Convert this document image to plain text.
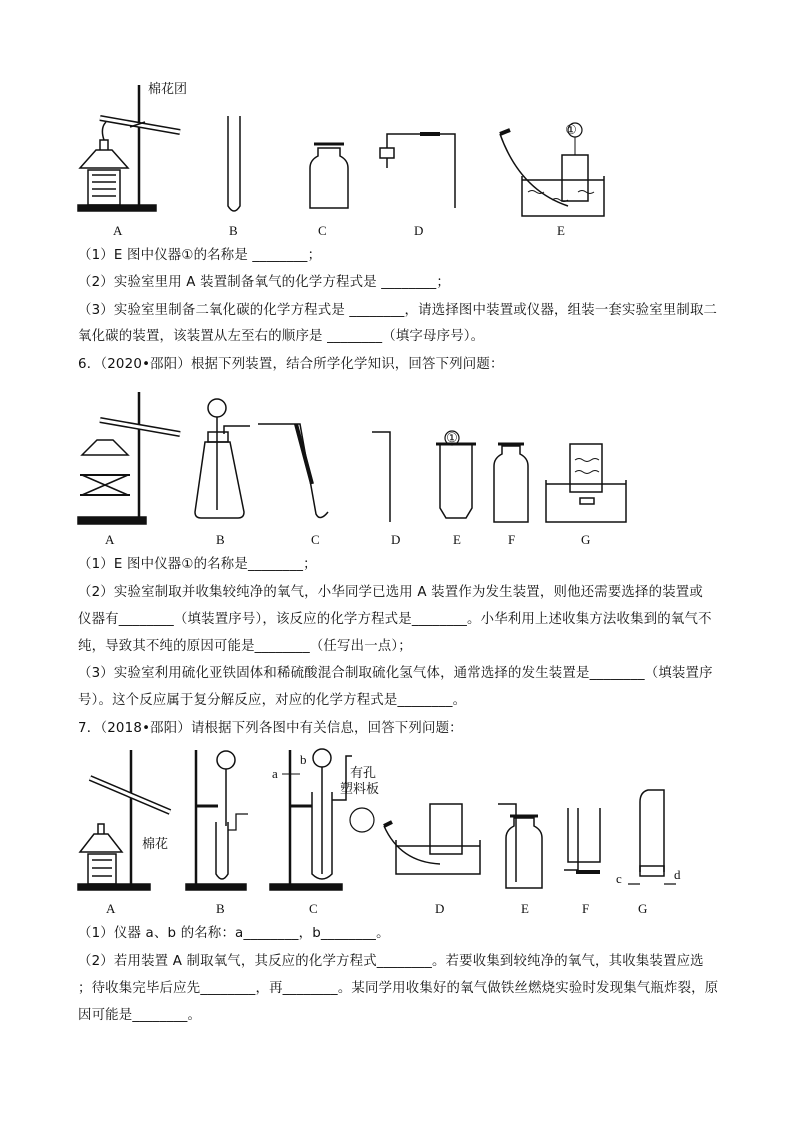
棉花团
①
A	B	C	D	E
（1）E 图中仪器①的名称是 ________；
（2）实验室里用 A 装置制备氧气的化学方程式是 ________；
（3）实验室里制备二氧化碳的化学方程式是 ________，请选择图中装置或仪器，组装一套实验室里制取二
氧化碳的装置，该装置从左至右的顺序是 ________（填字母序号）。
6．（2020•邵阳）根据下列装置，结合所学化学知识，回答下列问题：
①
A	B	C	D	E	F	G
（1）E 图中仪器①的名称是________；
（2）实验室制取并收集较纯净的氧气，小华同学已选用 A 装置作为发生装置，则他还需要选择的装置或
仪器有________（填装置序号），该反应的化学方程式是________。小华利用上述收集方法收集到的氧气不
纯，导致其不纯的原因可能是________（任写出一点）；
（3）实验室利用硫化亚铁固体和稀硫酸混合制取硫化氢气体，通常选择的发生装置是________（填装置序
号）。这个反应属于复分解反应，对应的化学方程式是________。
7．（2018•邵阳）请根据下列各图中有关信息，回答下列问题：
棉花
有孔
塑料板
a
b
c	d
A	B	C	D	E	F	G
（1）仪器 a、b 的名称：a________，b________。
（2）若用装置 A 制取氧气，其反应的化学方程式________。若要收集到较纯净的氧气，其收集装置应选
；待收集完毕后应先________，再________。某同学用收集好的氧气做铁丝燃烧实验时发现集气瓶炸裂，原
因可能是________。
